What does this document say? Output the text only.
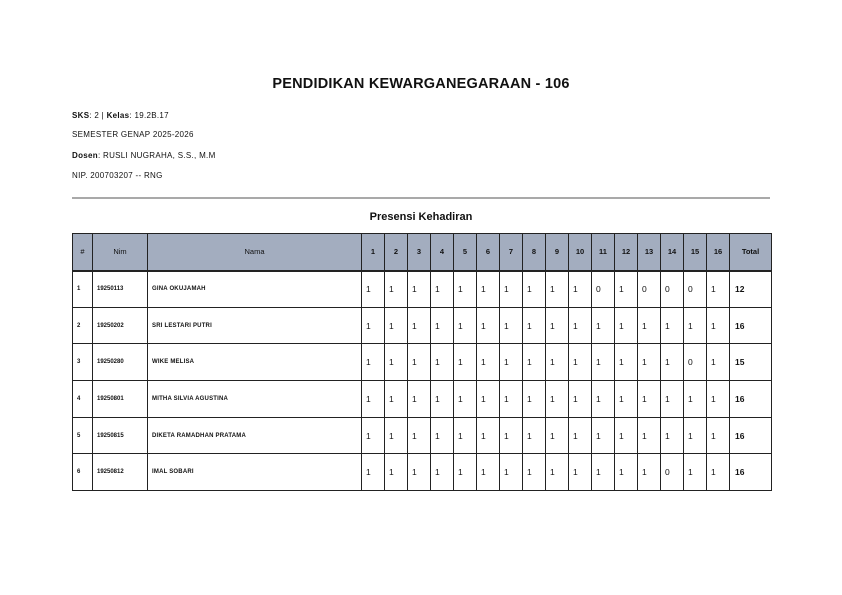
PENDIDIKAN KEWARGANEGARAAN - 106
SKS: 2 | Kelas: 19.2B.17
SEMESTER GENAP 2025-2026
Dosen: RUSLI NUGRAHA, S.S., M.M
NIP. 200703207 -- RNG
Presensi Kehadiran
#	Nim	Nama	1	2	3	4	5	6	7	8	9	10	11	12	13	14	15	16	Total
1	19250113	GINA OKUJAMAH	1	1	1	1	1	1	1	1	1	1	0	1	0	0	0	1	12
2	19250202	SRI LESTARI PUTRI	1	1	1	1	1	1	1	1	1	1	1	1	1	1	1	1	16
3	19250280	WIKE MELISA	1	1	1	1	1	1	1	1	1	1	1	1	1	1	0	1	15
4	19250801	MITHA SILVIA AGUSTINA	1	1	1	1	1	1	1	1	1	1	1	1	1	1	1	1	16
5	19250815	DIKETA RAMADHAN PRATAMA	1	1	1	1	1	1	1	1	1	1	1	1	1	1	1	1	16
6	19250812	IMAL SOBARI	1	1	1	1	1	1	1	1	1	1	1	1	1	0	1	1	16
